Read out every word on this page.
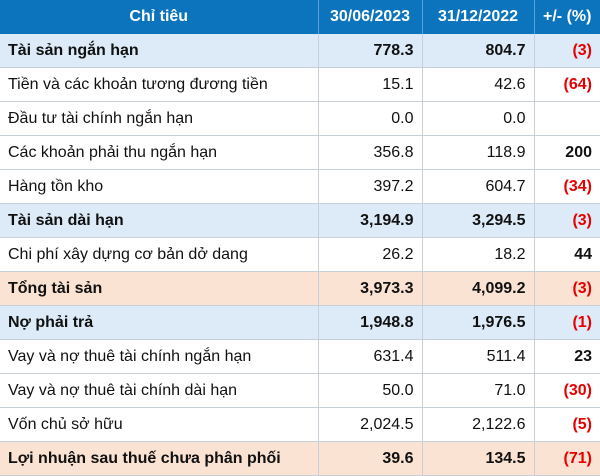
Chỉ tiêu	30/06/2023	31/12/2022	+/- (%)
Tài sản ngắn hạn	778.3	804.7	(3)
Tiền và các khoản tương đương tiền	15.1	42.6	(64)
Đầu tư tài chính ngắn hạn	0.0	0.0	
Các khoản phải thu ngắn hạn	356.8	118.9	200
Hàng tồn kho	397.2	604.7	(34)
Tài sản dài hạn	3,194.9	3,294.5	(3)
Chi phí xây dựng cơ bản dở dang	26.2	18.2	44
Tổng tài sản	3,973.3	4,099.2	(3)
Nợ phải trả	1,948.8	1,976.5	(1)
Vay và nợ thuê tài chính ngắn hạn	631.4	511.4	23
Vay và nợ thuê tài chính dài hạn	50.0	71.0	(30)
Vốn chủ sở hữu	2,024.5	2,122.6	(5)
Lợi nhuận sau thuế chưa phân phối	39.6	134.5	(71)
